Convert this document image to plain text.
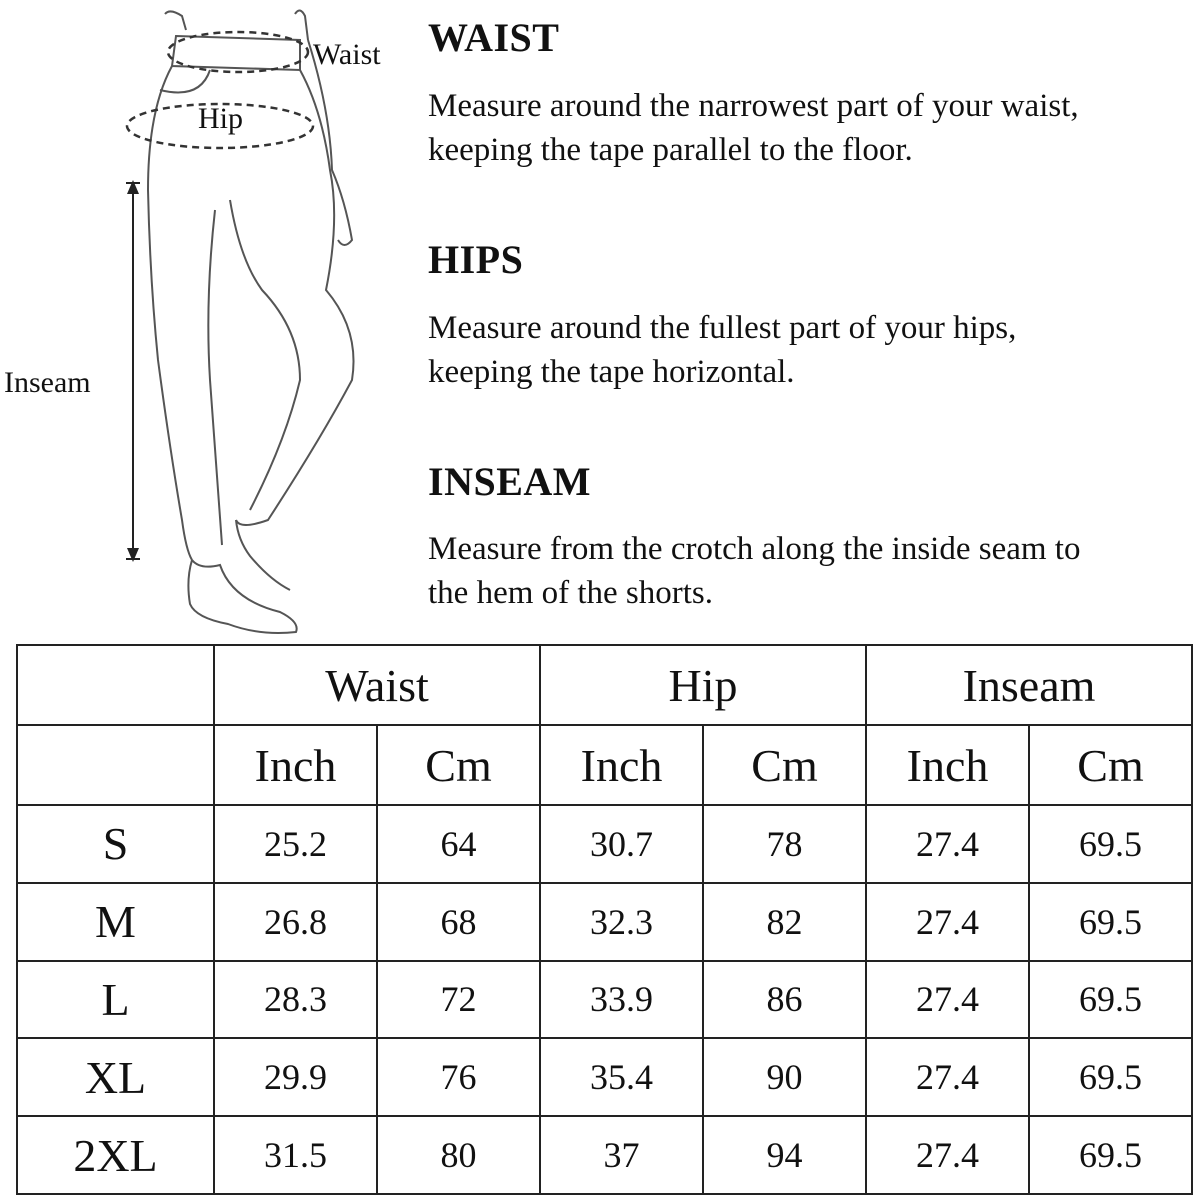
Waist
Hip
Inseam
WAIST
Measure around the narrowest part of your waist,
keeping the tape parallel to the floor.
HIPS
Measure around the fullest part of your hips,
keeping the tape horizontal.
INSEAM
Measure from the crotch along the inside seam to
the hem of the shorts.
	Waist		Hip		Inseam	
	Inch	Cm	Inch	Cm	Inch	Cm
S	25.2	64	30.7	78	27.4	69.5
M	26.8	68	32.3	82	27.4	69.5
L	28.3	72	33.9	86	27.4	69.5
XL	29.9	76	35.4	90	27.4	69.5
2XL	31.5	80	37	94	27.4	69.5
